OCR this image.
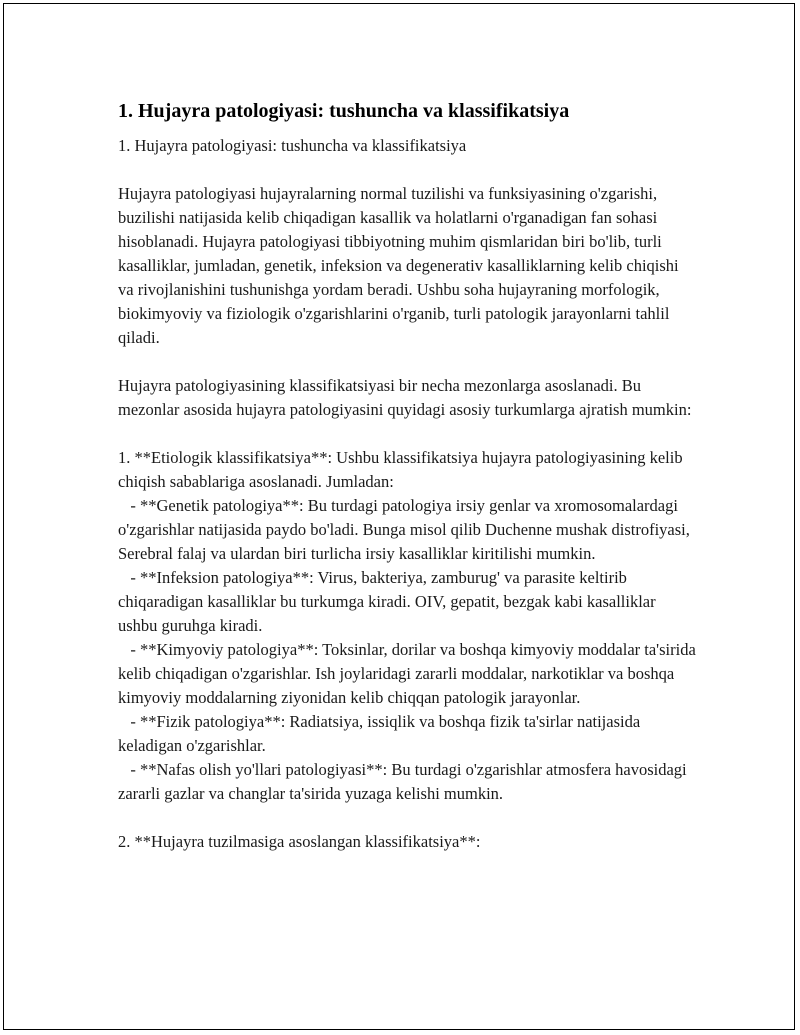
1. Hujayra patologiyasi: tushuncha va klassifikatsiya

1. Hujayra patologiyasi: tushuncha va klassifikatsiya

Hujayra patologiyasi hujayralarning normal tuzilishi va funksiyasining o'zgarishi, buzilishi natijasida kelib chiqadigan kasallik va holatlarni o'rganadigan fan sohasi hisoblanadi. Hujayra patologiyasi tibbiyotning muhim qismlaridan biri bo'lib, turli kasalliklar, jumladan, genetik, infeksion va degenerativ kasalliklarning kelib chiqishi va rivojlanishini tushunishga yordam beradi. Ushbu soha hujayraning morfologik, biokimyoviy va fiziologik o'zgarishlarini o'rganib, turli patologik jarayonlarni tahlil qiladi.

Hujayra patologiyasining klassifikatsiyasi bir necha mezonlarga asoslanadi. Bu mezonlar asosida hujayra patologiyasini quyidagi asosiy turkumlarga ajratish mumkin:

1. **Etiologik klassifikatsiya**: Ushbu klassifikatsiya hujayra patologiyasining kelib chiqish sabablariga asoslanadi. Jumladan:

- **Genetik patologiya**: Bu turdagi patologiya irsiy genlar va xromosomalardagi o'zgarishlar natijasida paydo bo'ladi. Bunga misol qilib Duchenne mushak distrofiyasi, Serebral falaj va ulardan biri turlicha irsiy kasalliklar kiritilishi mumkin.

- **Infeksion patologiya**: Virus, bakteriya, zamburug' va parasite keltirib chiqaradigan kasalliklar bu turkumga kiradi. OIV, gepatit, bezgak kabi kasalliklar ushbu guruhga kiradi.

- **Kimyoviy patologiya**: Toksinlar, dorilar va boshqa kimyoviy moddalar ta'sirida kelib chiqadigan o'zgarishlar. Ish joylaridagi zararli moddalar, narkotiklar va boshqa kimyoviy moddalarning ziyonidan kelib chiqqan patologik jarayonlar.

- **Fizik patologiya**: Radiatsiya, issiqlik va boshqa fizik ta'sirlar natijasida keladigan o'zgarishlar.

- **Nafas olish yo'llari patologiyasi**: Bu turdagi o'zgarishlar atmosfera havosidagi zararli gazlar va changlar ta'sirida yuzaga kelishi mumkin.

2. **Hujayra tuzilmasiga asoslangan klassifikatsiya**:
